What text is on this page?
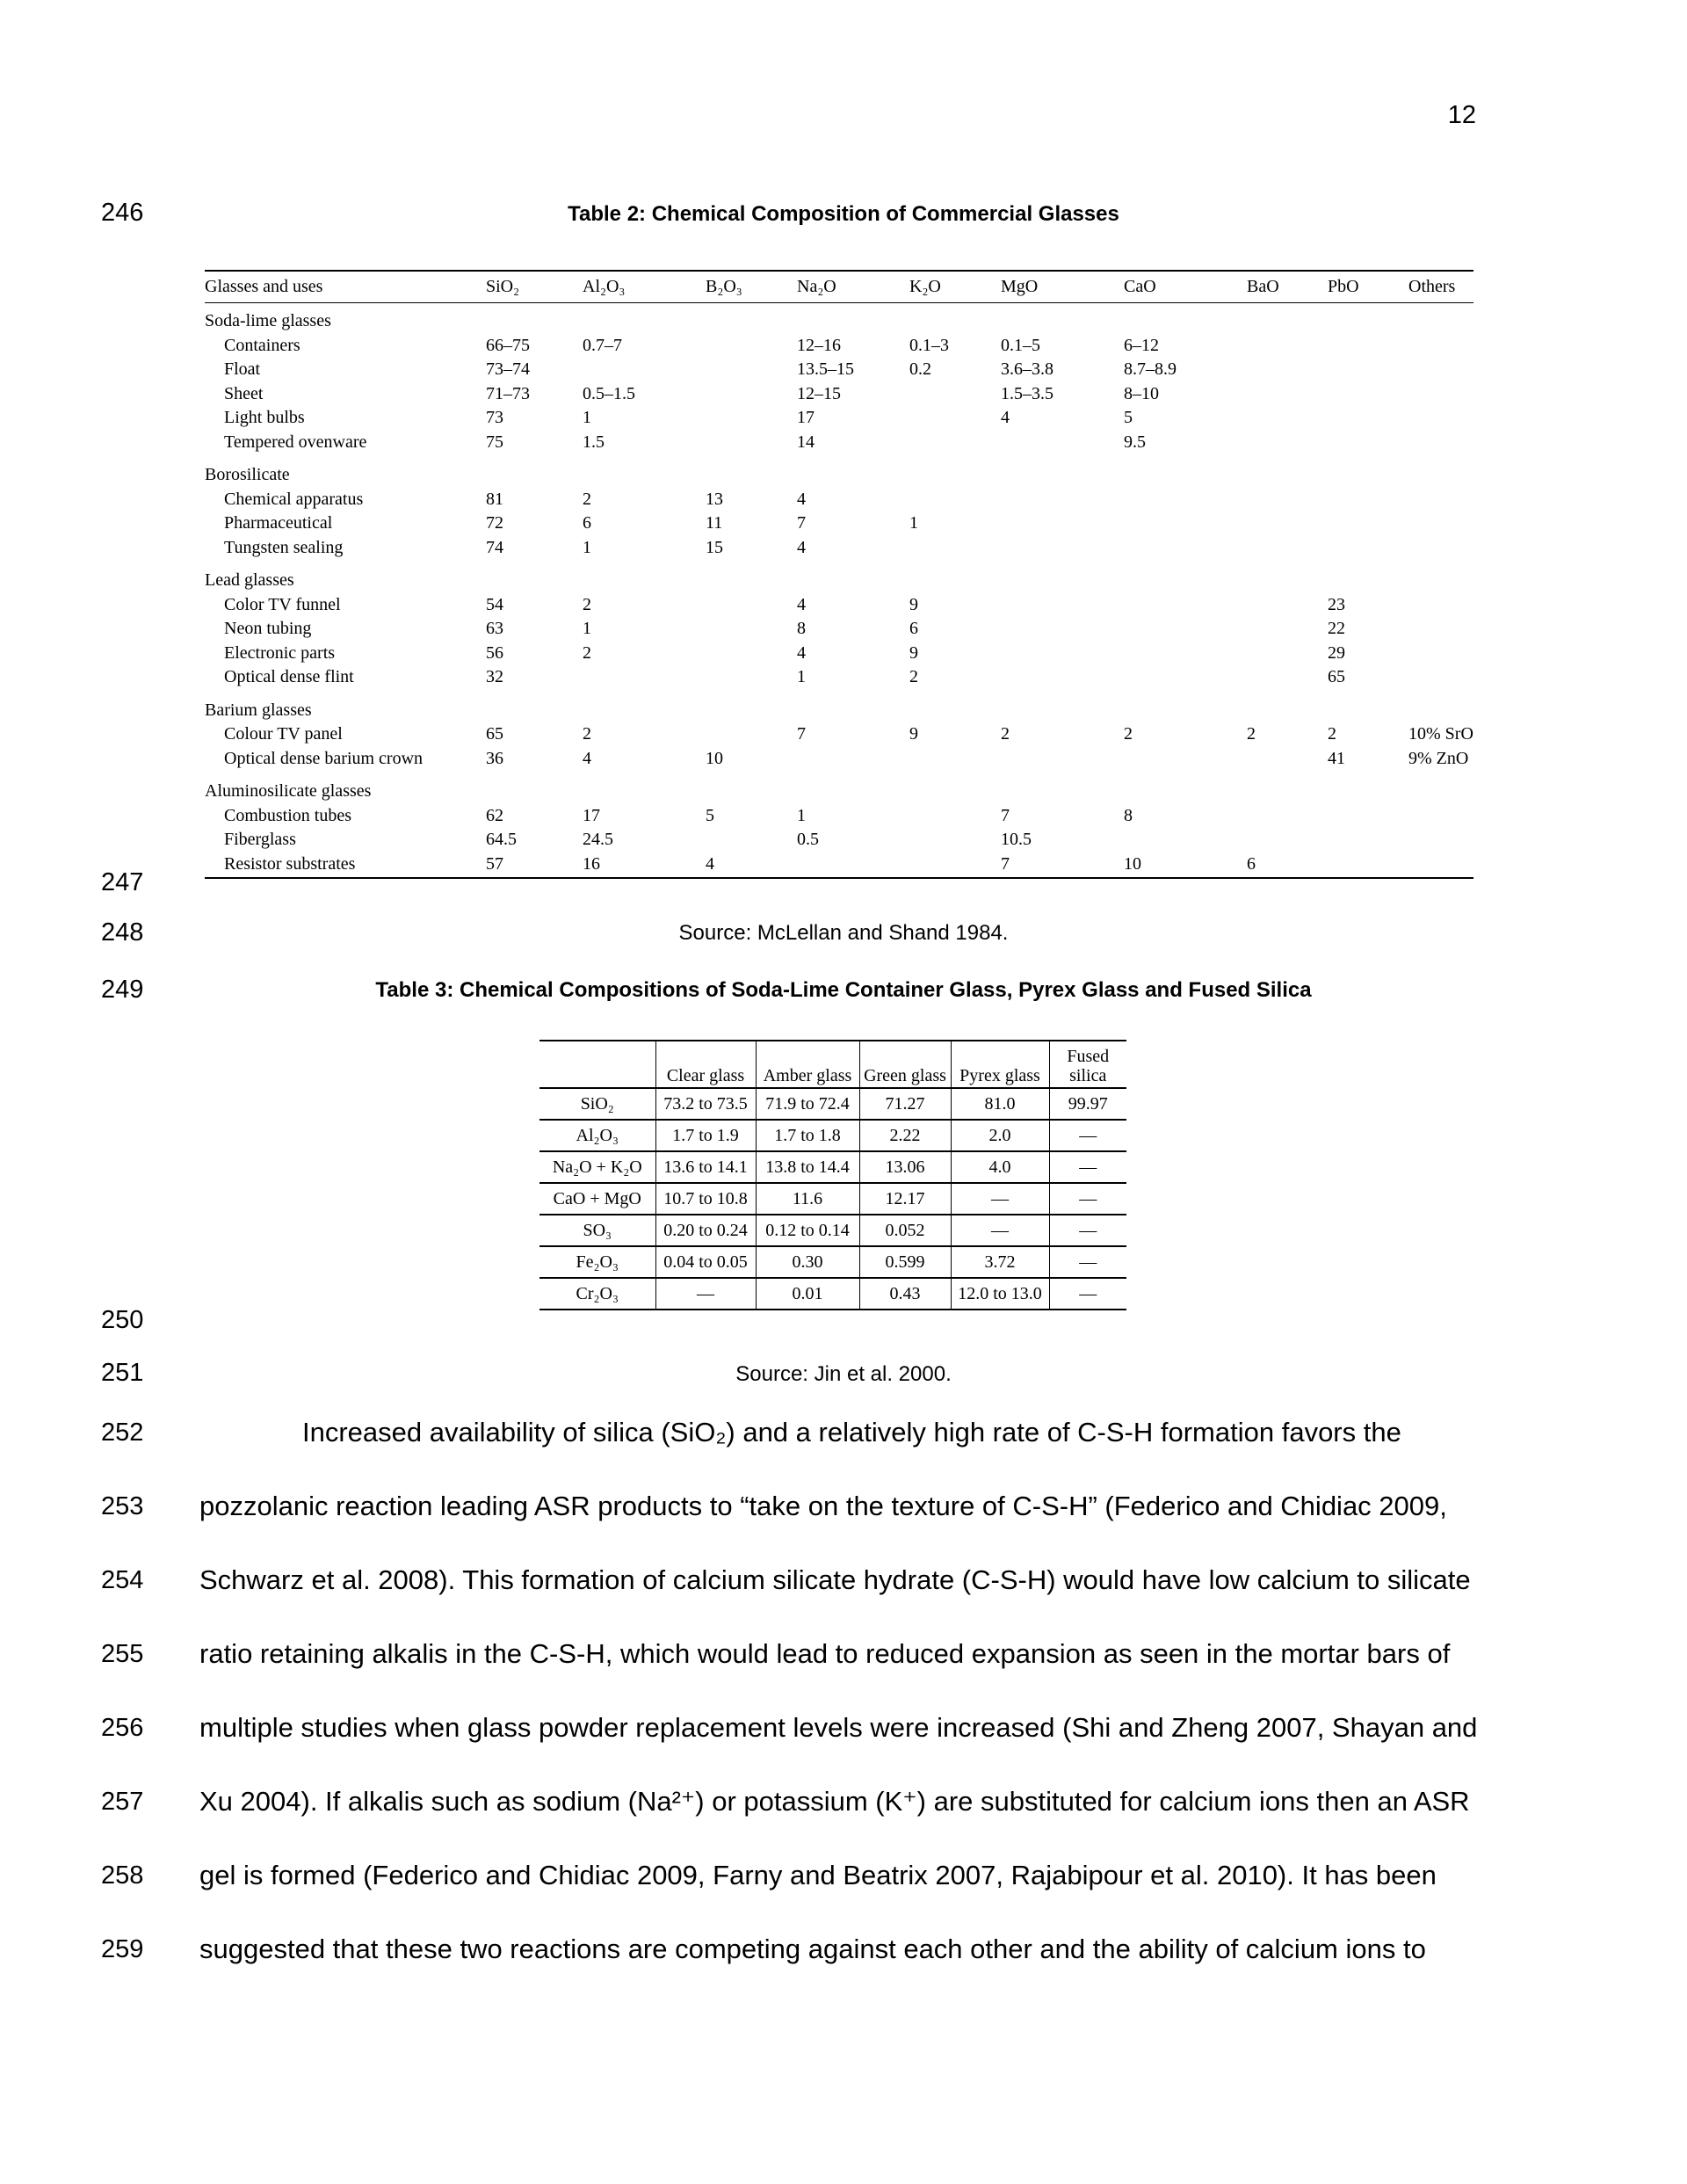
12
246
247
248
249
250
251
252
253
254
255
256
257
258
259
Table 2: Chemical Composition of Commercial Glasses
Glasses and uses	SiO₂	Al₂O₃	B₂O₃	Na₂O	K₂O	MgO	CaO	BaO	PbO	Others
Soda-lime glasses										
Containers	66–75	0.7–7		12–16	0.1–3	0.1–5	6–12			
Float	73–74			13.5–15	0.2	3.6–3.8	8.7–8.9			
Sheet	71–73	0.5–1.5		12–15		1.5–3.5	8–10			
Light bulbs	73	1		17		4	5			
Tempered ovenware	75	1.5		14			9.5			
Borosilicate										
Chemical apparatus	81	2	13	4						
Pharmaceutical	72	6	11	7	1					
Tungsten sealing	74	1	15	4						
Lead glasses										
Color TV funnel	54	2		4	9				23	
Neon tubing	63	1		8	6				22	
Electronic parts	56	2		4	9				29	
Optical dense flint	32			1	2				65	
Barium glasses										
Colour TV panel	65	2		7	9	2	2	2	2	10% SrO
Optical dense barium crown	36	4	10						41	9% ZnO
Aluminosilicate glasses										
Combustion tubes	62	17	5	1		7	8			
Fiberglass	64.5	24.5		0.5		10.5				
Resistor substrates	57	16	4			7	10	6		
Source: McLellan and Shand 1984.
Table 3: Chemical Compositions of Soda-Lime Container Glass, Pyrex Glass and Fused Silica
	Clear glass	Amber glass	Green glass	Pyrex glass	Fused silica
SiO₂	73.2 to 73.5	71.9 to 72.4	71.27	81.0	99.97
Al₂O₃	1.7 to 1.9	1.7 to 1.8	2.22	2.0	—
Na₂O + K₂O	13.6 to 14.1	13.8 to 14.4	13.06	4.0	—
CaO + MgO	10.7 to 10.8	11.6	12.17	—	—
SO₃	0.20 to 0.24	0.12 to 0.14	0.052	—	—
Fe₂O₃	0.04 to 0.05	0.30	0.599	3.72	—
Cr₂O₃	—	0.01	0.43	12.0 to 13.0	—
Source: Jin et al. 2000.
Increased availability of silica (SiO₂) and a relatively high rate of C-S-H formation favors the
pozzolanic reaction leading ASR products to “take on the texture of C-S-H” (Federico and Chidiac 2009,
Schwarz et al. 2008). This formation of calcium silicate hydrate (C-S-H) would have low calcium to silicate
ratio retaining alkalis in the C-S-H, which would lead to reduced expansion as seen in the mortar bars of
multiple studies when glass powder replacement levels were increased (Shi and Zheng 2007, Shayan and
Xu 2004). If alkalis such as sodium (Na²⁺) or potassium (K⁺) are substituted for calcium ions then an ASR
gel is formed (Federico and Chidiac 2009, Farny and Beatrix 2007, Rajabipour et al. 2010). It has been
suggested that these two reactions are competing against each other and the ability of calcium ions to
